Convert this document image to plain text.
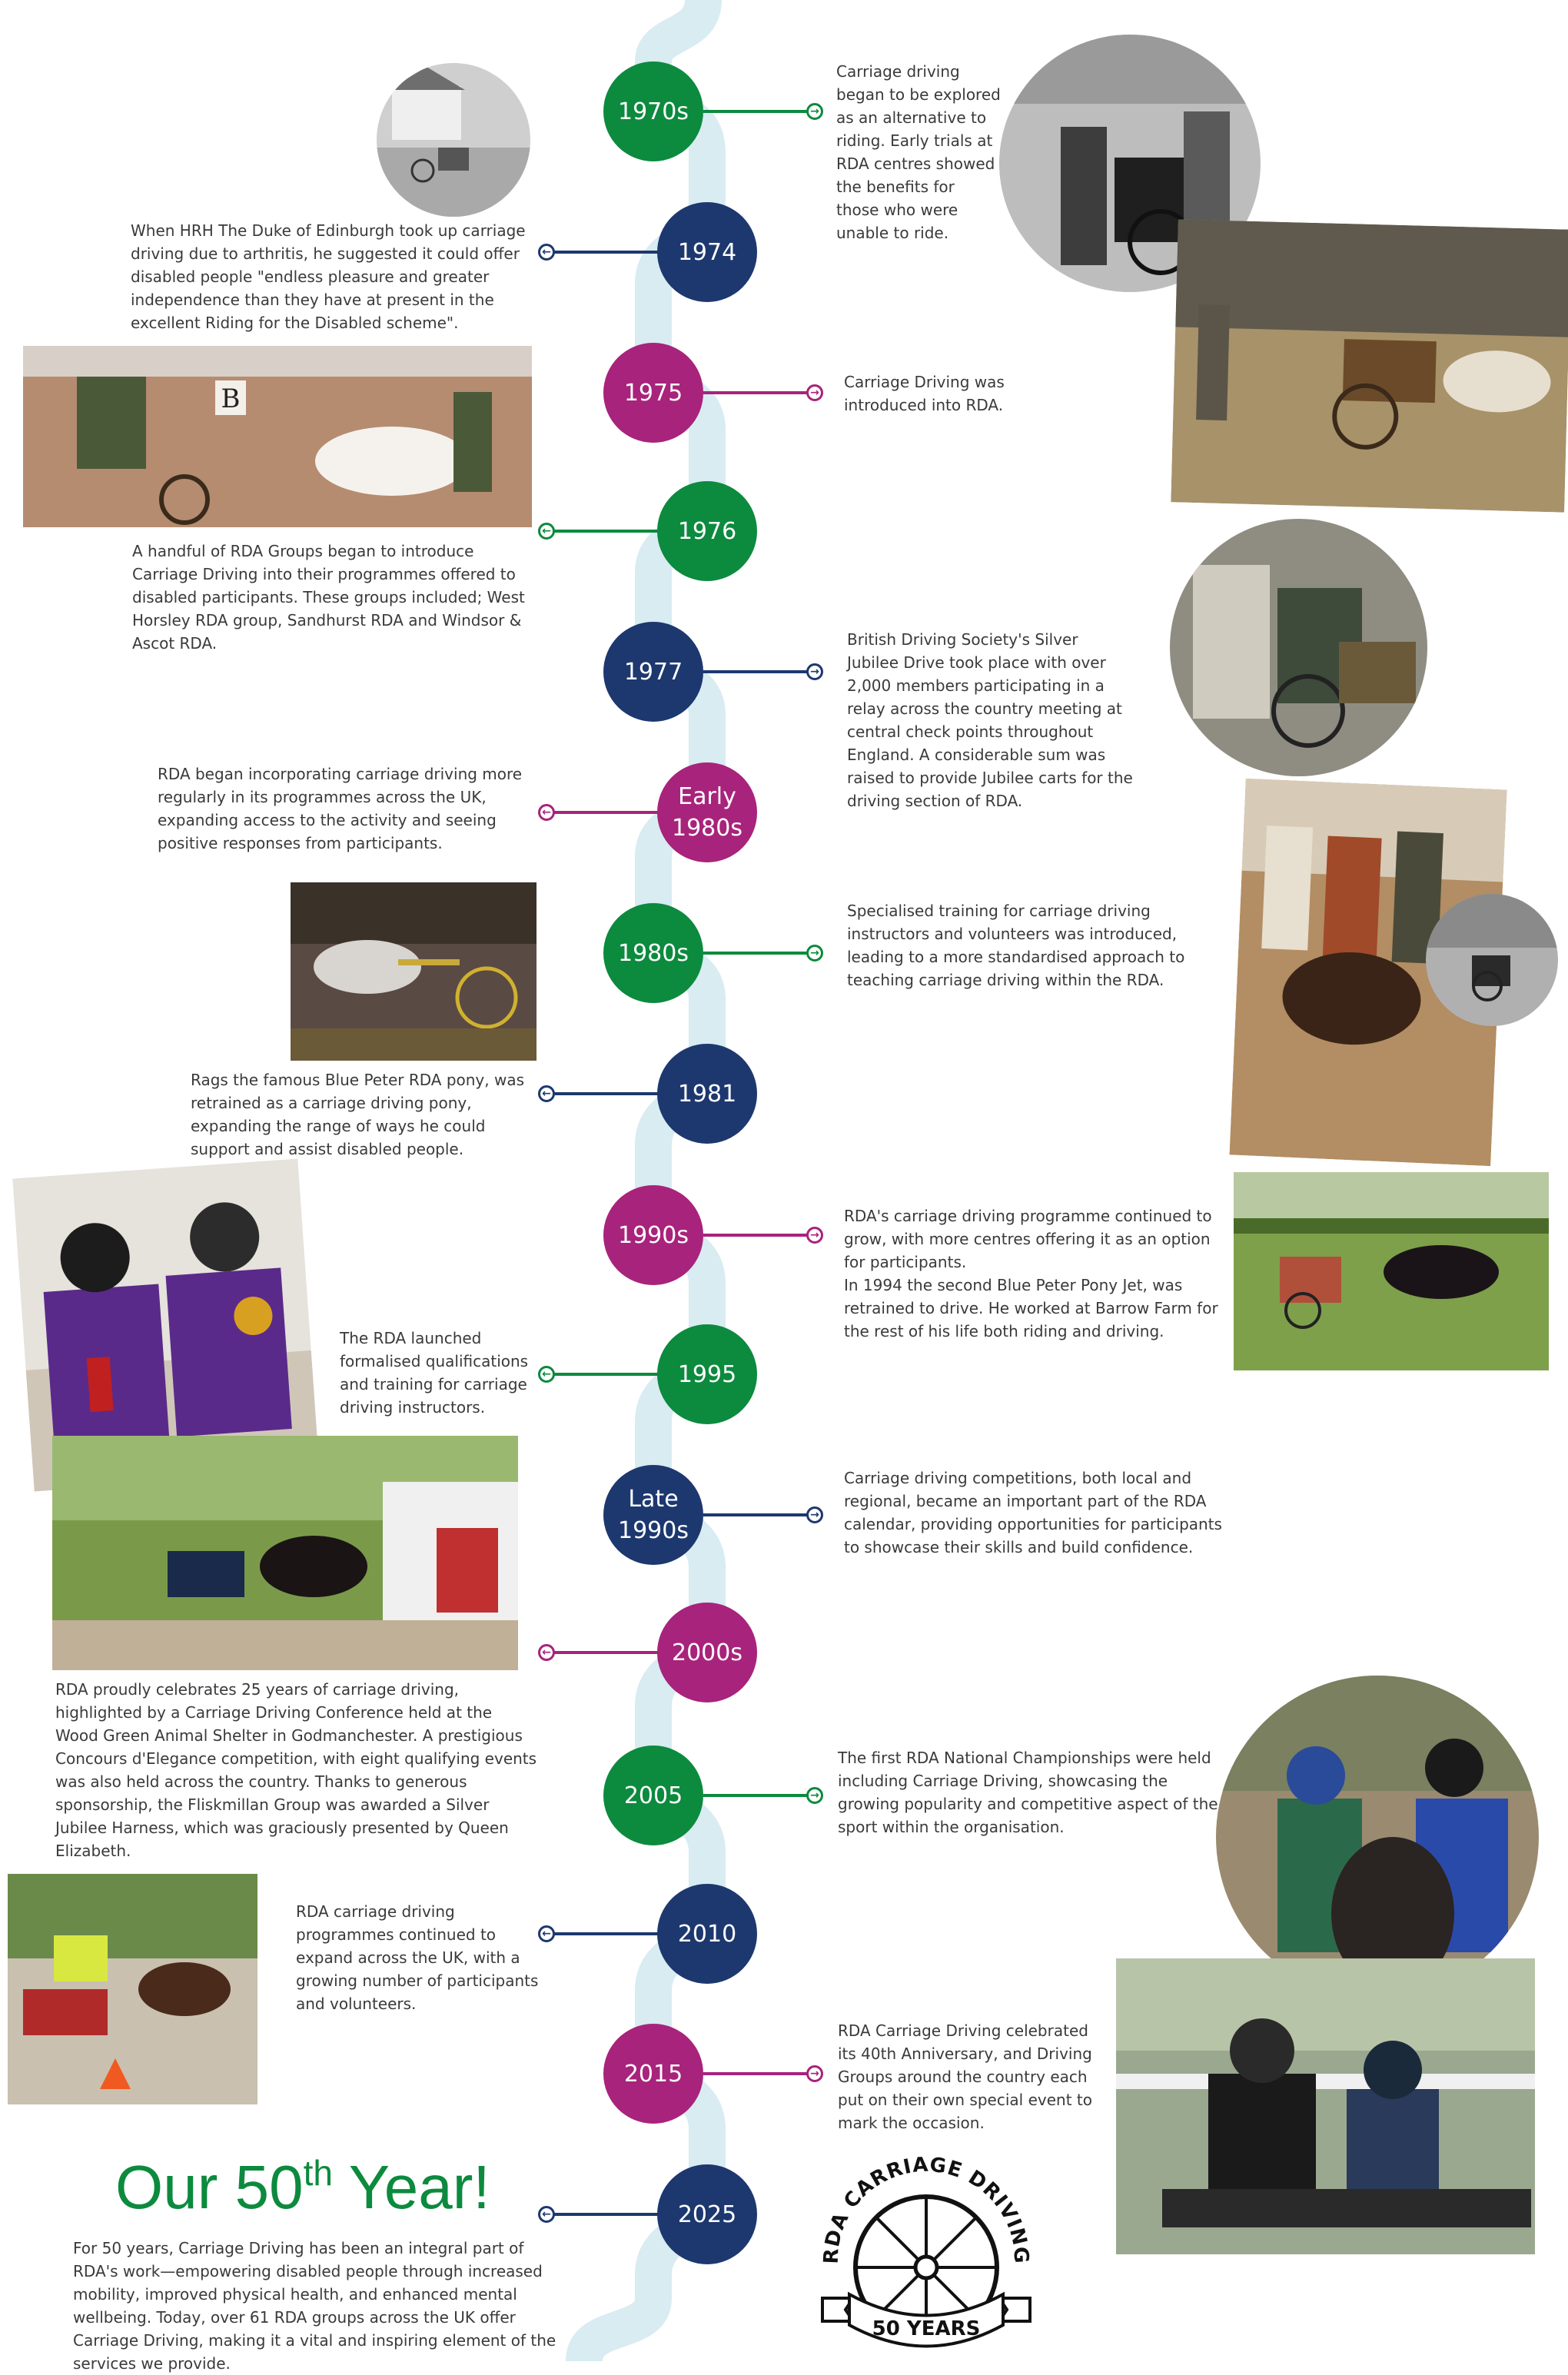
B
RDA CARRIAGE DRIVING
50 YEARS
1970s	→
Carriage driving
began to be explored
as an alternative to
riding. Early trials at
RDA centres showed
the benefits for
those who were
unable to ride.
1974
←
When HRH The Duke of Edinburgh took up carriage
driving due to arthritis, he suggested it could offer
disabled people "endless pleasure and greater
independence than they have at present in the
excellent Riding for the Disabled scheme".
1975	→
Carriage Driving was
introduced into RDA.
1976
←
A handful of RDA Groups began to introduce
Carriage Driving into their programmes offered to
disabled participants. These groups included; West
Horsley RDA group, Sandhurst RDA and Windsor &
Ascot RDA.
1977	→
British Driving Society's Silver
Jubilee Drive took place with over
2,000 members participating in a
relay across the country meeting at
central check points throughout
England. A considerable sum was
raised to provide Jubilee carts for the
driving section of RDA.
Early 1980s
←
RDA began incorporating carriage driving more
regularly in its programmes across the UK,
expanding access to the activity and seeing
positive responses from participants.
1980s	→
Specialised training for carriage driving
instructors and volunteers was introduced,
leading to a more standardised approach to
teaching carriage driving within the RDA.
1981
←
Rags the famous Blue Peter RDA pony, was
retrained as a carriage driving pony,
expanding the range of ways he could
support and assist disabled people.
1990s	→
RDA's carriage driving programme continued to
grow, with more centres offering it as an option
for participants.
In 1994 the second Blue Peter Pony Jet, was
retrained to drive. He worked at Barrow Farm for
the rest of his life both riding and driving.
1995
←
The RDA launched
formalised qualifications
and training for carriage
driving instructors.
Late 1990s
→
Carriage driving competitions, both local and
regional, became an important part of the RDA
calendar, providing opportunities for participants
to showcase their skills and build confidence.
2000s
←
RDA proudly celebrates 25 years of carriage driving,
highlighted by a Carriage Driving Conference held at the
Wood Green Animal Shelter in Godmanchester. A prestigious
Concours d'Elegance competition, with eight qualifying events
was also held across the country. Thanks to generous
sponsorship, the Fliskmillan Group was awarded a Silver
Jubilee Harness, which was graciously presented by Queen
Elizabeth.
2005	→
The first RDA National Championships were held
including Carriage Driving, showcasing the
growing popularity and competitive aspect of the
sport within the organisation.
2010
←
RDA carriage driving
programmes continued to
expand across the UK, with a
growing number of participants
and volunteers.
2015	→
RDA Carriage Driving celebrated
its 40th Anniversary, and Driving
Groups around the country each
put on their own special event to
mark the occasion.
2025
←
Our 50th Year!
For 50 years, Carriage Driving has been an integral part of RDA's work—empowering disabled people through increased mobility, improved physical health, and enhanced mental wellbeing. Today, over 61 RDA groups across the UK offer Carriage Driving, making it a vital and inspiring element of the services we provide.
